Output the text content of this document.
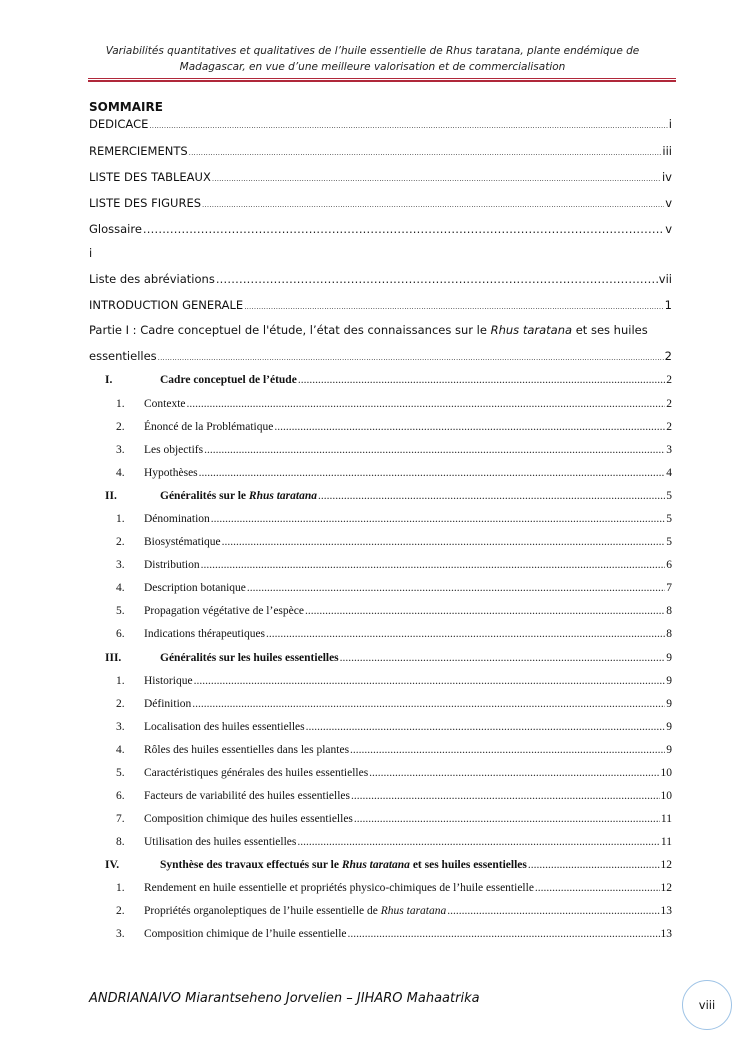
Variabilités quantitatives et qualitatives de l’huile essentielle de Rhus taratana, plante endémique de
Madagascar, en vue d’une meilleure valorisation et de commercialisation
SOMMAIRE
DEDICACE .....	i
REMERCIEMENTS .....	iii
LISTE DES TABLEAUX .....	iv
LISTE DES FIGURES .....	v
Glossaire .....	v
i
Liste des abréviations .....	vii
INTRODUCTION GENERALE .....	1
Partie I : Cadre conceptuel de l'étude, l’état des connaissances sur le Rhus taratana et ses huiles
essentielles .....	2
I.	Cadre conceptuel de l’étude .....	2
1.	Contexte .....	2
2.	Énoncé de la Problématique .....	2
3.	Les objectifs .....	3
4.	Hypothèses .....	4
II.	Généralités sur le Rhus taratana .....	5
1.	Dénomination .....	5
2.	Biosystématique .....	5
3.	Distribution .....	6
4.	Description botanique .....	7
5.	Propagation végétative de l’espèce .....	8
6.	Indications thérapeutiques .....	8
III.	Généralités sur les huiles essentielles .....	9
1.	Historique .....	9
2.	Définition .....	9
3.	Localisation des huiles essentielles .....	9
4.	Rôles des huiles essentielles dans les plantes .....	9
5.	Caractéristiques générales des huiles essentielles .....	10
6.	Facteurs de variabilité des huiles essentielles .....	10
7.	Composition chimique des huiles essentielles .....	11
8.	Utilisation des huiles essentielles .....	11
IV.	Synthèse des travaux effectués sur le Rhus taratana et ses huiles essentielles .....	12
1.	Rendement en huile essentielle et propriétés physico-chimiques de l’huile essentielle .....	12
2.	Propriétés organoleptiques de l’huile essentielle de Rhus taratana .....	13
3.	Composition chimique de l’huile essentielle .....	13
ANDRIANAIVO Miarantseheno Jorvelien – JIHARO Mahaatrika	viii
